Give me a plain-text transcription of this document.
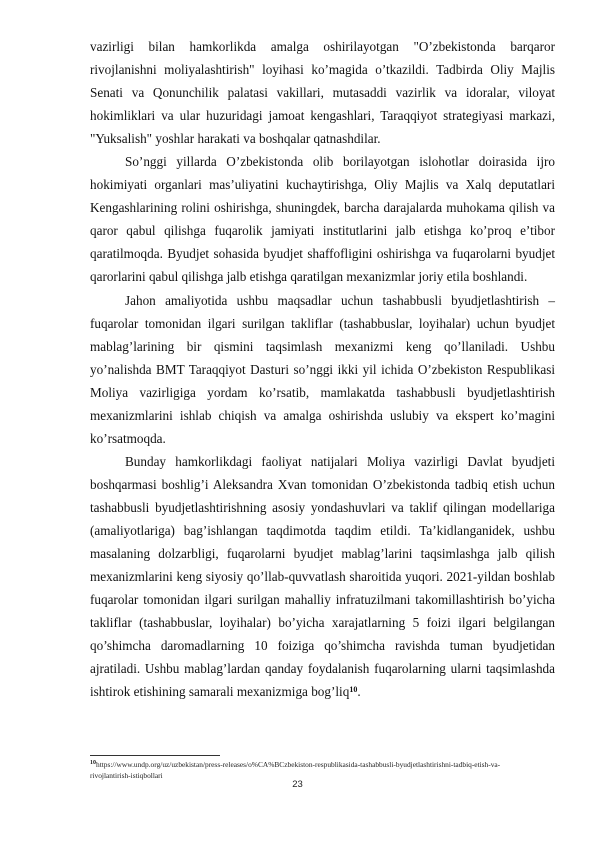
vazirligi bilan hamkorlikda amalga oshirilayotgan "O’zbekistonda barqaror rivojlanishni moliyalashtirish" loyihasi ko’magida o’tkazildi. Tadbirda Oliy Majlis Senati va Qonunchilik palatasi vakillari, mutasaddi vazirlik va idoralar, viloyat hokimliklari va ular huzuridagi jamoat kengashlari, Taraqqiyot strategiyasi markazi, "Yuksalish" yoshlar harakati va boshqalar qatnashdilar.

So’nggi yillarda O’zbekistonda olib borilayotgan islohotlar doirasida ijro hokimiyati organlari mas’uliyatini kuchaytirishga, Oliy Majlis va Xalq deputatlari Kengashlarining rolini oshirishga, shuningdek, barcha darajalarda muhokama qilish va qaror qabul qilishga fuqarolik jamiyati institutlarini jalb etishga ko’proq e’tibor qaratilmoqda. Byudjet sohasida byudjet shaffofligini oshirishga va fuqarolarni byudjet qarorlarini qabul qilishga jalb etishga qaratilgan mexanizmlar joriy etila boshlandi.

Jahon amaliyotida ushbu maqsadlar uchun tashabbusli byudjetlashtirish – fuqarolar tomonidan ilgari surilgan takliflar (tashabbuslar, loyihalar) uchun byudjet mablag’larining bir qismini taqsimlash mexanizmi keng qo’llaniladi. Ushbu yo’nalishda BMT Taraqqiyot Dasturi so’nggi ikki yil ichida O’zbekiston Respublikasi Moliya vazirligiga yordam ko’rsatib, mamlakatda tashabbusli byudjetlashtirish mexanizmlarini ishlab chiqish va amalga oshirishda uslubiy va ekspert ko’magini ko’rsatmoqda.

Bunday hamkorlikdagi faoliyat natijalari Moliya vazirligi Davlat byudjeti boshqarmasi boshlig’i Aleksandra Xvan tomonidan O’zbekistonda tadbiq etish uchun tashabbusli byudjetlashtirishning asosiy yondashuvlari va taklif qilingan modellariga (amaliyotlariga) bag’ishlangan taqdimotda taqdim etildi. Ta’kidlanganidek, ushbu masalaning dolzarbligi, fuqarolarni byudjet mablag’larini taqsimlashga jalb qilish mexanizmlarini keng siyosiy qo’llab-quvvatlash sharoitida yuqori. 2021-yildan boshlab fuqarolar tomonidan ilgari surilgan mahalliy infratuzilmani takomillashtirish bo’yicha takliflar (tashabbuslar, loyihalar) bo’yicha xarajatlarning 5 foizi ilgari belgilangan qo’shimcha daromadlarning 10 foiziga qo’shimcha ravishda tuman byudjetidan ajratiladi. Ushbu mablag’lardan qanday foydalanish fuqarolarning ularni taqsimlashda ishtirok etishining samarali mexanizmiga bog’liq$^{10}$.

$^{10}$https://www.undp.org/uz/uzbekistan/press-releases/o%CA%BCzbekiston-respublikasida-tashabbusli-byudjetlashtirishni-tadbiq-etish-va-rivojlantirish-istiqbollari
23
